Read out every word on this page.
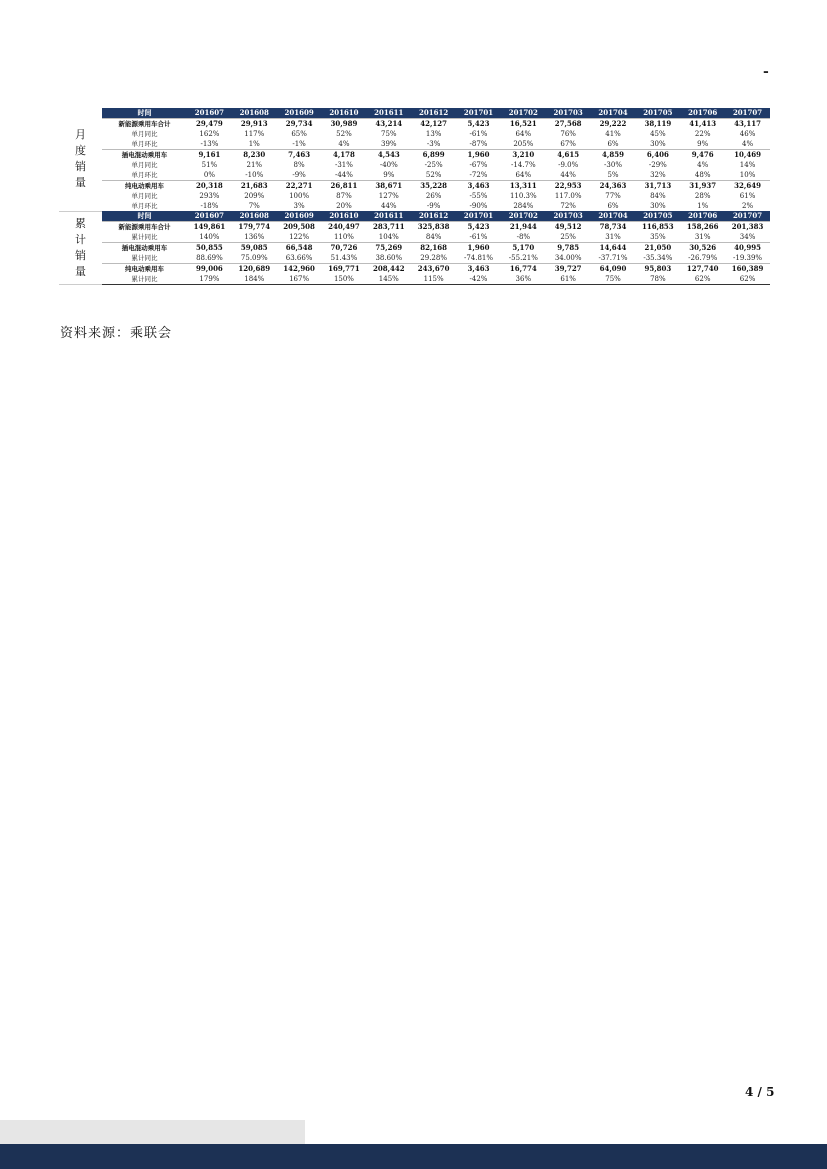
-
月
度
销
量	时间	201607	201608	201609	201610	201611	201612	201701	201702	201703	201704	201705	201706	201707
	新能源乘用车合计	29,479	29,913	29,734	30,989	43,214	42,127	5,423	16,521	27,568	29,222	38,119	41,413	43,117
	单月同比	162%	117%	65%	52%	75%	13%	-61%	64%	76%	41%	45%	22%	46%
	单月环比	-13%	1%	-1%	4%	39%	-3%	-87%	205%	67%	6%	30%	9%	4%
	插电混动乘用车	9,161	8,230	7,463	4,178	4,543	6,899	1,960	3,210	4,615	4,859	6,406	9,476	10,469
	单月同比	51%	21%	8%	-31%	-40%	-25%	-67%	-14.7%	-9.0%	-30%	-29%	4%	14%
	单月环比	0%	-10%	-9%	-44%	9%	52%	-72%	64%	44%	5%	32%	48%	10%
	纯电动乘用车	20,318	21,683	22,271	26,811	38,671	35,228	3,463	13,311	22,953	24,363	31,713	31,937	32,649
	单月同比	293%	209%	100%	87%	127%	26%	-55%	110.3%	117.0%	77%	84%	28%	61%
	单月环比	-18%	7%	3%	20%	44%	-9%	-90%	284%	72%	6%	30%	1%	2%

累
计
销
量	时间	201607	201608	201609	201610	201611	201612	201701	201702	201703	201704	201705	201706	201707
	新能源乘用车合计	149,861	179,774	209,508	240,497	283,711	325,838	5,423	21,944	49,512	78,734	116,853	158,266	201,383
	累计同比	140%	136%	122%	110%	104%	84%	-61%	-8%	25%	31%	35%	31%	34%
	插电混动乘用车	50,855	59,085	66,548	70,726	75,269	82,168	1,960	5,170	9,785	14,644	21,050	30,526	40,995
	累计同比	88.69%	75.09%	63.66%	51.43%	38.60%	29.28%	-74.81%	-55.21%	34.00%	-37.71%	-35.34%	-26.79%	-19.39%
	纯电动乘用车	99,006	120,689	142,960	169,771	208,442	243,670	3,463	16,774	39,727	64,090	95,803	127,740	160,389
	累计同比	179%	184%	167%	150%	145%	115%	-42%	36%	61%	75%	78%	62%	62%
资料来源：乘联会
4 / 5
